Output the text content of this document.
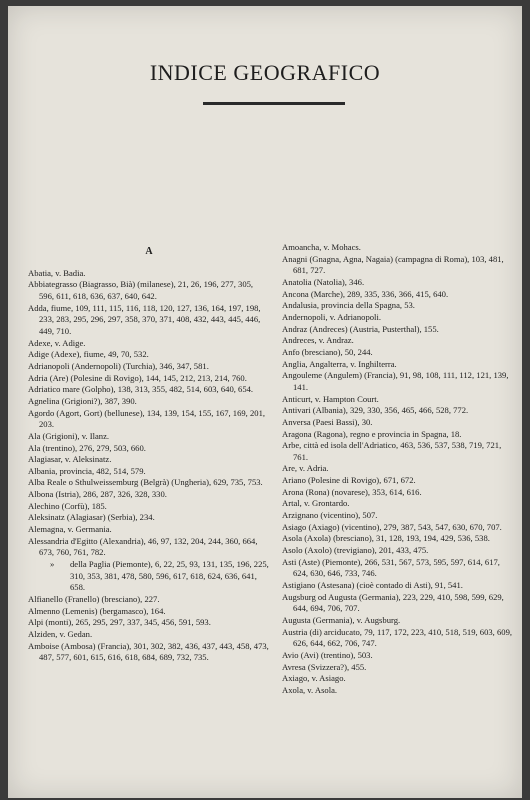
INDICE GEOGRAFICO
A
Abatia, v. Badia.
Abbiategrasso (Biagrasso, Bià) (milanese), 21, 26, 196, 277, 305, 596, 611, 618, 636, 637, 640, 642.
Adda, fiume, 109, 111, 115, 116, 118, 120, 127, 136, 164, 197, 198, 233, 283, 295, 296, 297, 358, 370, 371, 408, 432, 443, 445, 446, 449, 710.
Adexe, v. Adige.
Adige (Adexe), fiume, 49, 70, 532.
Adrianopoli (Andernopoli) (Turchia), 346, 347, 581.
Adria (Are) (Polesine di Rovigo), 144, 145, 212, 213, 214, 760.
Adriatico mare (Golpho), 138, 313, 355, 482, 514, 603, 640, 654.
Agnelina (Grigioni?), 387, 390.
Agordo (Agort, Gort) (bellunese), 134, 139, 154, 155, 167, 169, 201, 203.
Ala (Grigioni), v. Ilanz.
Ala (trentino), 276, 279, 503, 660.
Alagiasar, v. Aleksinatz.
Albania, provincia, 482, 514, 579.
Alba Reale o Sthulweissemburg (Belgrà) (Ungheria), 629, 735, 753.
Albona (Istria), 286, 287, 326, 328, 330.
Alechino (Corfù), 185.
Aleksinatz (Alagiasar) (Serbia), 234.
Alemagna, v. Germania.
Alessandria d'Egitto (Alexandria), 46, 97, 132, 204, 244, 360, 664, 673, 760, 761, 782.
» della Paglia (Piemonte), 6, 22, 25, 93, 131, 135, 196, 225, 310, 353, 381, 478, 580, 596, 617, 618, 624, 636, 641, 658.
Alfianello (Franello) (bresciano), 227.
Almenno (Lemenis) (bergamasco), 164.
Alpi (monti), 265, 295, 297, 337, 345, 456, 591, 593.
Alziden, v. Gedan.
Amboise (Ambosa) (Francia), 301, 302, 382, 436, 437, 443, 458, 473, 487, 577, 601, 615, 616, 618, 684, 689, 732, 735.
Amoancha, v. Mohacs.
Anagni (Gnagna, Agna, Nagaia) (campagna di Roma), 103, 481, 681, 727.
Anatolia (Natolia), 346.
Ancona (Marche), 289, 335, 336, 366, 415, 640.
Andalusia, provincia della Spagna, 53.
Andernopoli, v. Adrianopoli.
Andraz (Andreces) (Austria, Pusterthal), 155.
Andreces, v. Andraz.
Anfo (bresciano), 50, 244.
Anglia, Angalterra, v. Inghilterra.
Angouleme (Angulem) (Francia), 91, 98, 108, 111, 112, 121, 139, 141.
Anticurt, v. Hampton Court.
Antivari (Albania), 329, 330, 356, 465, 466, 528, 772.
Anversa (Paesi Bassi), 30.
Aragona (Ragona), regno e provincia in Spagna, 18.
Arbe, città ed isola dell'Adriatico, 463, 536, 537, 538, 719, 721, 761.
Are, v. Adria.
Ariano (Polesine di Rovigo), 671, 672.
Arona (Rona) (novarese), 353, 614, 616.
Artal, v. Grontardo.
Arzignano (vicentino), 507.
Asiago (Axiago) (vicentino), 279, 387, 543, 547, 630, 670, 707.
Asola (Axola) (bresciano), 31, 128, 193, 194, 429, 536, 538.
Asolo (Axolo) (trevigiano), 201, 433, 475.
Asti (Aste) (Piemonte), 266, 531, 567, 573, 595, 597, 614, 617, 624, 630, 646, 733, 746.
Astigiano (Astesana) (cioè contado di Asti), 91, 541.
Augsburg od Augusta (Germania), 223, 229, 410, 598, 599, 629, 644, 694, 706, 707.
Augusta (Germania), v. Augsburg.
Austria (di) arciducato, 79, 117, 172, 223, 410, 518, 519, 603, 609, 626, 644, 662, 706, 747.
Avio (Avi) (trentino), 503.
Avresa (Svizzera?), 455.
Axiago, v. Asiago.
Axola, v. Asola.
